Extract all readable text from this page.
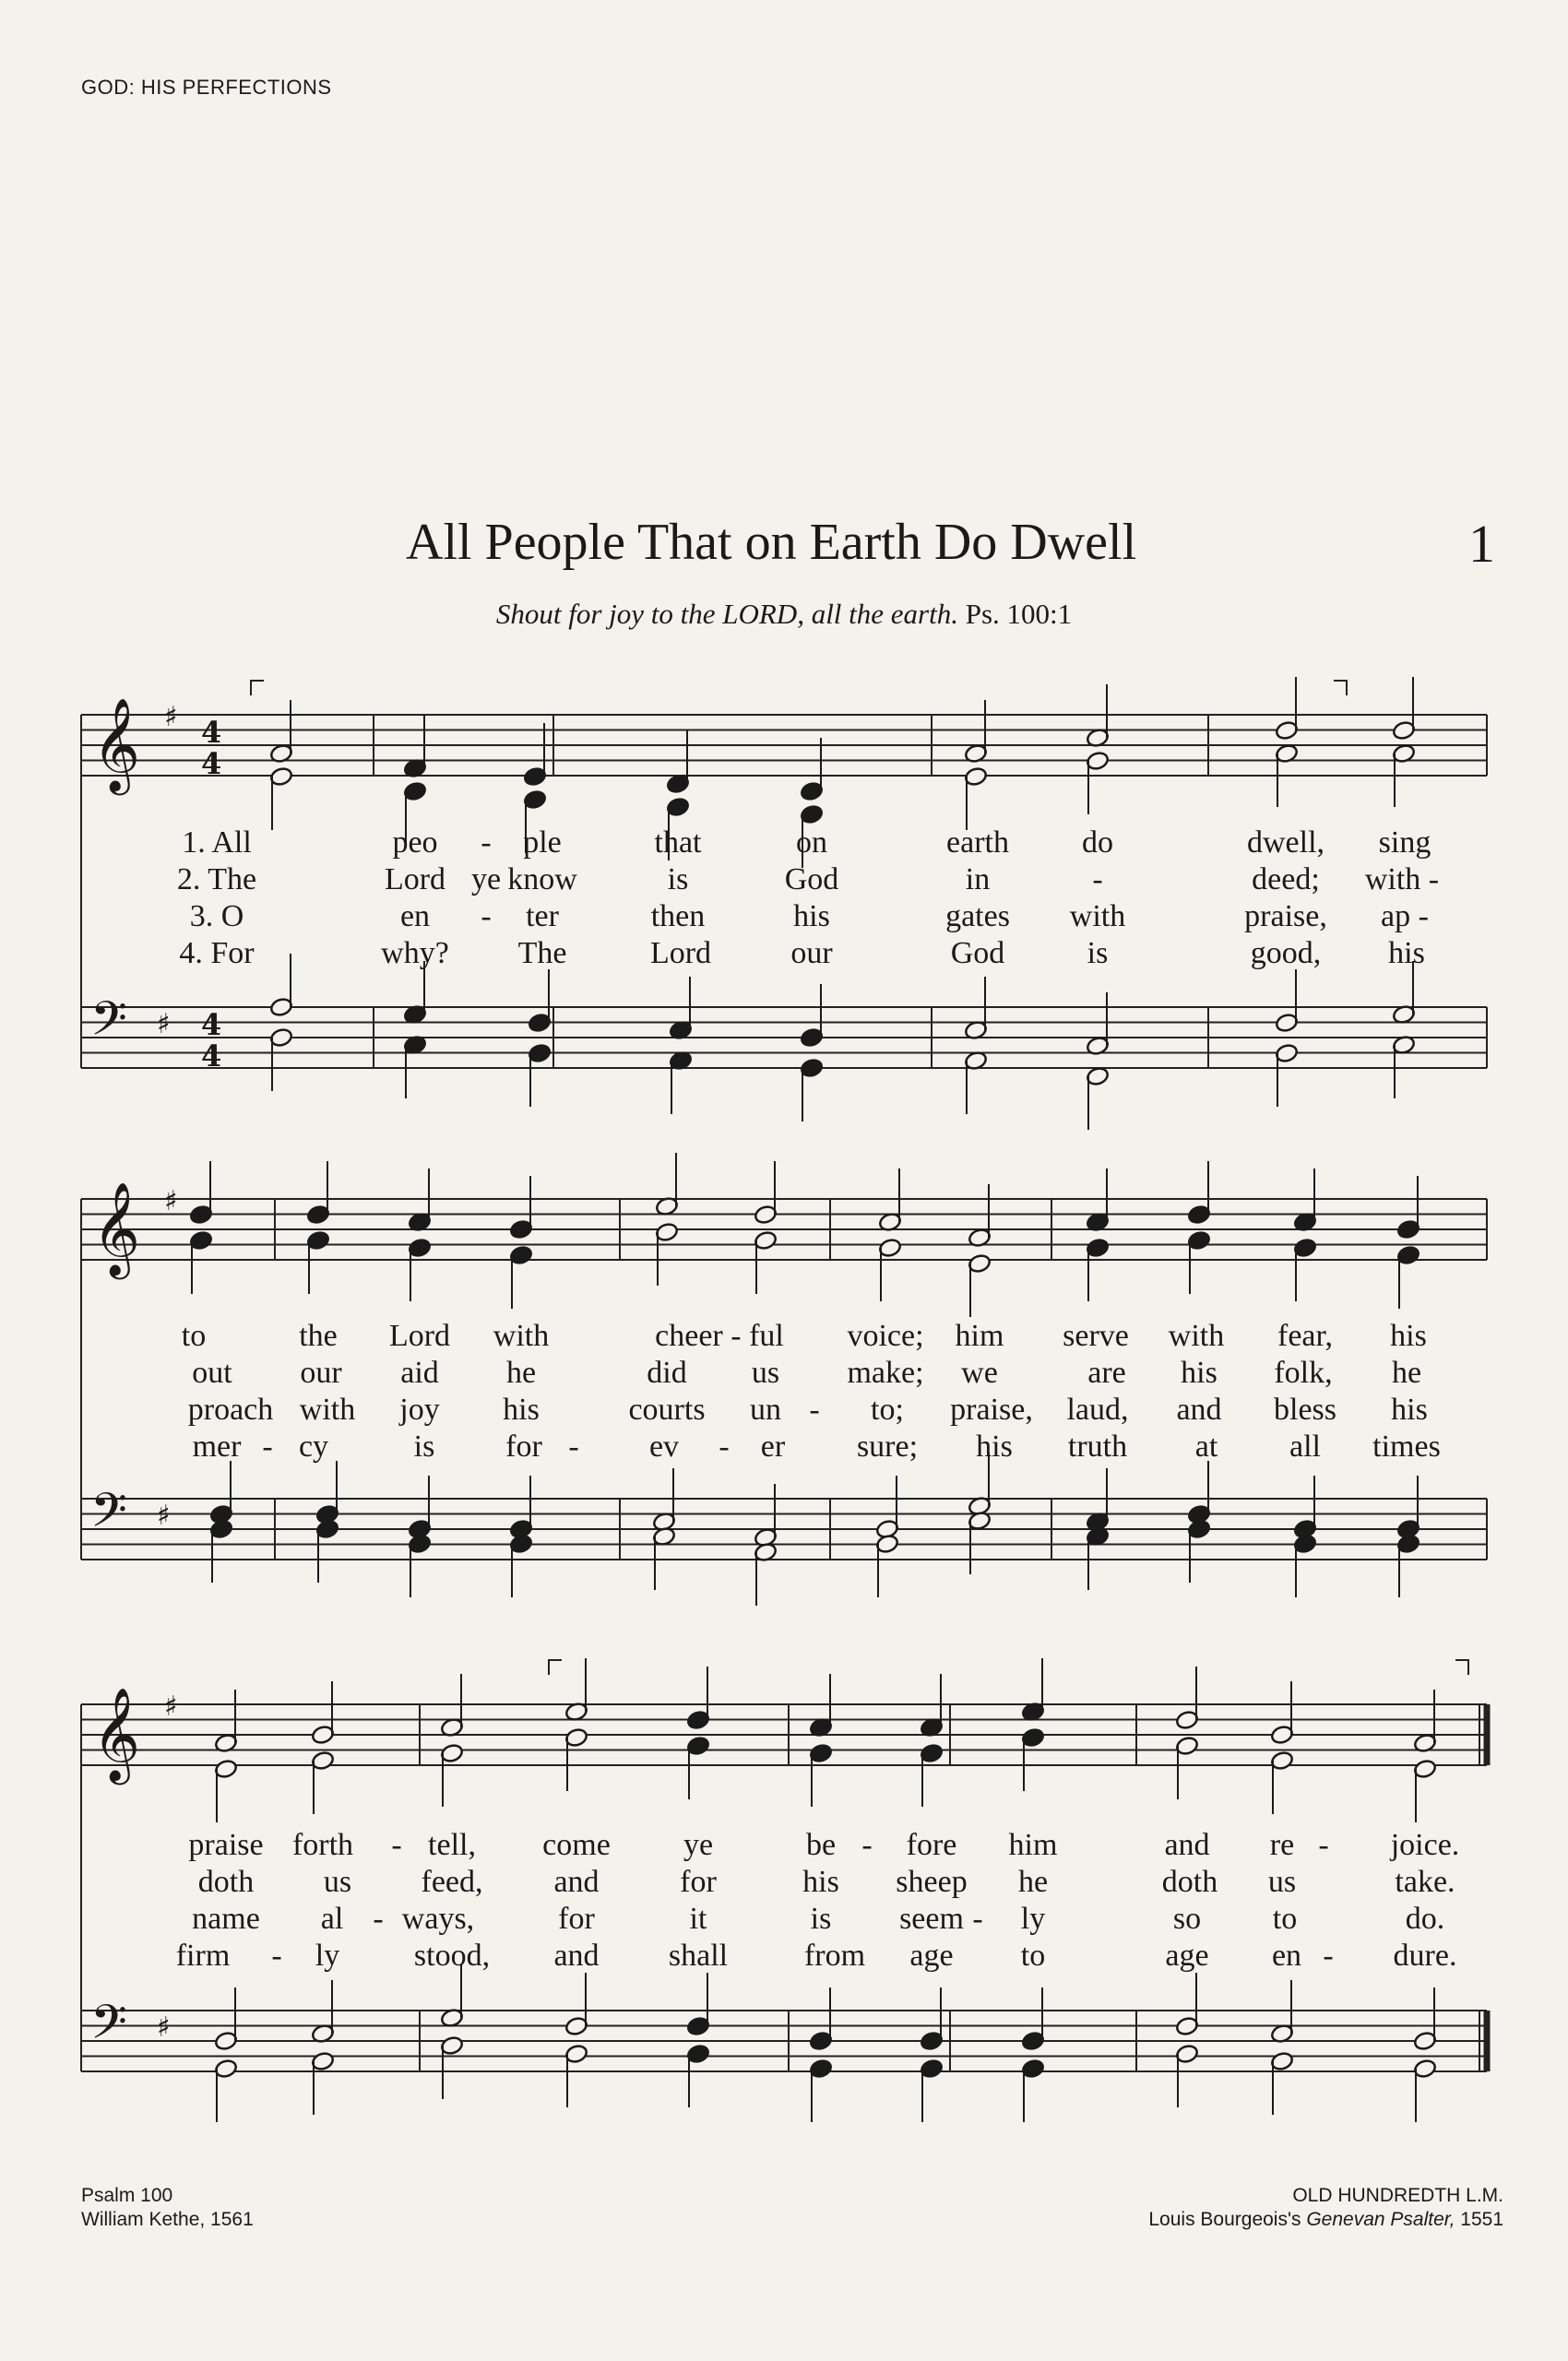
GOD: HIS PERFECTIONS
All People That on Earth Do Dwell	1
Shout for joy to the LORD, all the earth. Ps. 100:1
𝄞
𝄢
♯
♯
4
4
4
4
𝄞
𝄢
♯
♯
𝄞
𝄢
♯
♯
1. All	peo - ple	that	on	earth do	dwell, sing
2. The	Lord ye know	is	God	in	-	deed; with -
3. O	en - ter	then	his	gates with	praise, ap -
4. For	why? The	Lord	our	God	is	good, his
to	the Lord with	cheer - ful voice; him serve with fear, his
out our aid he	did us make; we	are his folk, he
proach with joy his	courts un - to; praise, laud, and bless his
mer - cy	is for - ev - er sure; his truth at all times
praise forth - tell, come ye	be - fore him	and re - joice.
doth us feed, and	for	his sheep he	doth us	take.
name al - ways,	for	it	is seem - ly	so to	do.
firm - ly stood, and shall from age to	age en - dure.
Psalm 100
William Kethe, 1561
OLD HUNDREDTH L.M.
Louis Bourgeois's Genevan Psalter, 1551
